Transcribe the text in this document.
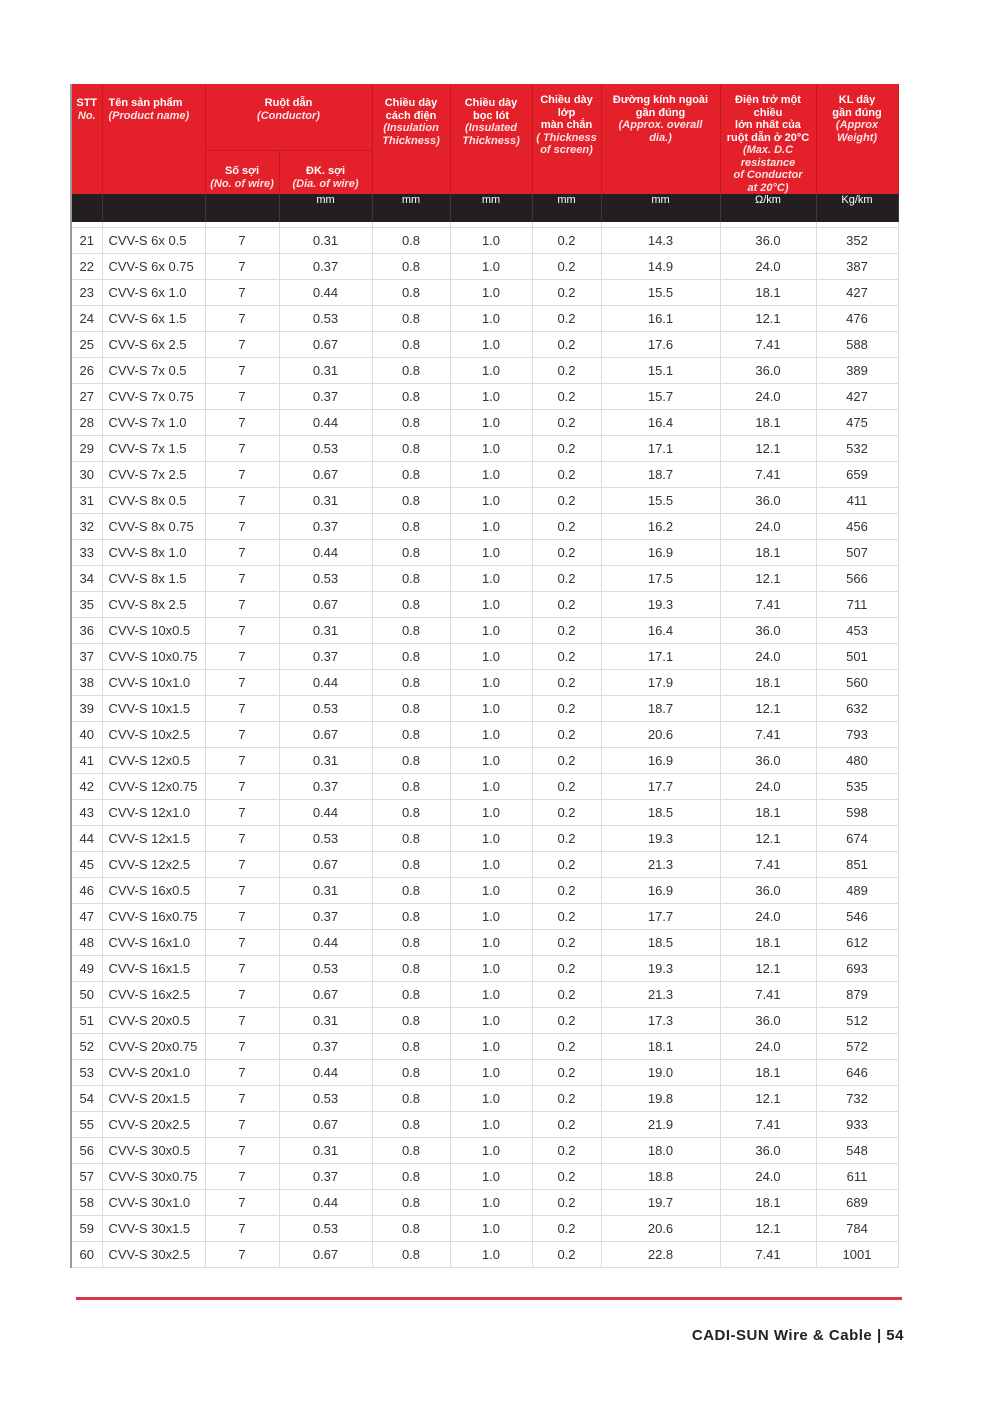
STT
No.

Tên sản phẩm
(Product name)

Ruột dẫn
(Conductor)

Chiều dày
cách điện
(Insulation
Thickness)

Chiều dày
bọc lót
(Insulated
Thickness)

Chiều dày
lớp
màn chắn
( Thickness
of screen)

Đường kính ngoài
gần đúng
(Approx. overall
dia.)

Điện trở một chiều
lớn nhất của
ruột dẫn ở 20°C
(Max. D.C resistance
of Conductor
at 20°C)

KL dây
gần đúng
(Approx
Weight)

		Số sợi
(No. of wire)	ĐK. sợi
(Dia. of wire)						

			mm	mm	mm	mm	mm	Ω/km	Kg/km

21	CVV-S 6x 0.5	7	0.31	0.8	1.0	0.2	14.3	36.0	352
22	CVV-S 6x 0.75	7	0.37	0.8	1.0	0.2	14.9	24.0	387
23	CVV-S 6x 1.0	7	0.44	0.8	1.0	0.2	15.5	18.1	427
24	CVV-S 6x 1.5	7	0.53	0.8	1.0	0.2	16.1	12.1	476
25	CVV-S 6x 2.5	7	0.67	0.8	1.0	0.2	17.6	7.41	588
26	CVV-S 7x 0.5	7	0.31	0.8	1.0	0.2	15.1	36.0	389
27	CVV-S 7x 0.75	7	0.37	0.8	1.0	0.2	15.7	24.0	427
28	CVV-S 7x 1.0	7	0.44	0.8	1.0	0.2	16.4	18.1	475
29	CVV-S 7x 1.5	7	0.53	0.8	1.0	0.2	17.1	12.1	532
30	CVV-S 7x 2.5	7	0.67	0.8	1.0	0.2	18.7	7.41	659
31	CVV-S 8x 0.5	7	0.31	0.8	1.0	0.2	15.5	36.0	411
32	CVV-S 8x 0.75	7	0.37	0.8	1.0	0.2	16.2	24.0	456
33	CVV-S 8x 1.0	7	0.44	0.8	1.0	0.2	16.9	18.1	507
34	CVV-S 8x 1.5	7	0.53	0.8	1.0	0.2	17.5	12.1	566
35	CVV-S 8x 2.5	7	0.67	0.8	1.0	0.2	19.3	7.41	711
36	CVV-S 10x0.5	7	0.31	0.8	1.0	0.2	16.4	36.0	453
37	CVV-S 10x0.75	7	0.37	0.8	1.0	0.2	17.1	24.0	501
38	CVV-S 10x1.0	7	0.44	0.8	1.0	0.2	17.9	18.1	560
39	CVV-S 10x1.5	7	0.53	0.8	1.0	0.2	18.7	12.1	632
40	CVV-S 10x2.5	7	0.67	0.8	1.0	0.2	20.6	7.41	793
41	CVV-S 12x0.5	7	0.31	0.8	1.0	0.2	16.9	36.0	480
42	CVV-S 12x0.75	7	0.37	0.8	1.0	0.2	17.7	24.0	535
43	CVV-S 12x1.0	7	0.44	0.8	1.0	0.2	18.5	18.1	598
44	CVV-S 12x1.5	7	0.53	0.8	1.0	0.2	19.3	12.1	674
45	CVV-S 12x2.5	7	0.67	0.8	1.0	0.2	21.3	7.41	851
46	CVV-S 16x0.5	7	0.31	0.8	1.0	0.2	16.9	36.0	489
47	CVV-S 16x0.75	7	0.37	0.8	1.0	0.2	17.7	24.0	546
48	CVV-S 16x1.0	7	0.44	0.8	1.0	0.2	18.5	18.1	612
49	CVV-S 16x1.5	7	0.53	0.8	1.0	0.2	19.3	12.1	693
50	CVV-S 16x2.5	7	0.67	0.8	1.0	0.2	21.3	7.41	879
51	CVV-S 20x0.5	7	0.31	0.8	1.0	0.2	17.3	36.0	512
52	CVV-S 20x0.75	7	0.37	0.8	1.0	0.2	18.1	24.0	572
53	CVV-S 20x1.0	7	0.44	0.8	1.0	0.2	19.0	18.1	646
54	CVV-S 20x1.5	7	0.53	0.8	1.0	0.2	19.8	12.1	732
55	CVV-S 20x2.5	7	0.67	0.8	1.0	0.2	21.9	7.41	933
56	CVV-S 30x0.5	7	0.31	0.8	1.0	0.2	18.0	36.0	548
57	CVV-S 30x0.75	7	0.37	0.8	1.0	0.2	18.8	24.0	611
58	CVV-S 30x1.0	7	0.44	0.8	1.0	0.2	19.7	18.1	689
59	CVV-S 30x1.5	7	0.53	0.8	1.0	0.2	20.6	12.1	784
60	CVV-S 30x2.5	7	0.67	0.8	1.0	0.2	22.8	7.41	1001
CADI-SUN Wire & Cable | 54
